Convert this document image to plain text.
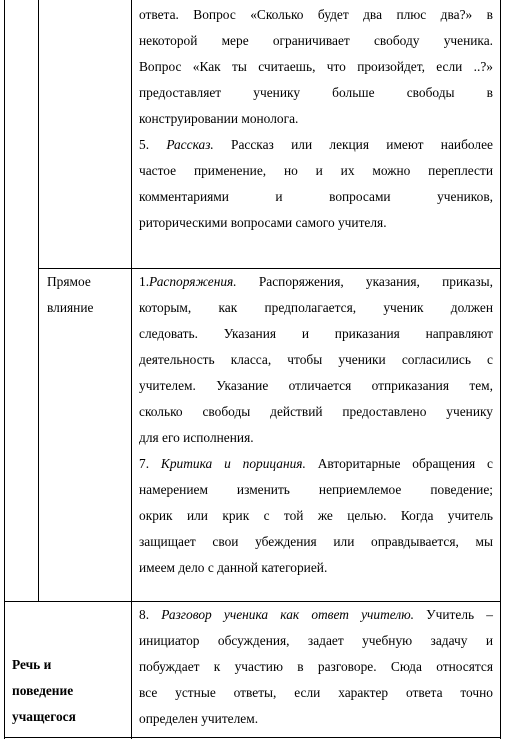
ответа. Вопрос «Сколько будет два плюс два?» в
некоторой мере ограничивает свободу ученика.
Вопрос «Как ты считаешь, что произойдет, если ..?»
предоставляет ученику больше свободы в
конструировании монолога.
5. Рассказ. Рассказ или лекция имеют наиболее
частое применение, но и их можно переплести
комментариями и вопросами учеников,
риторическими вопросами самого учителя.
Прямое
влияние
1.Распоряжения. Распоряжения, указания, приказы,
которым, как предполагается, ученик должен
следовать. Указания и приказания направляют
деятельность класса, чтобы ученики согласились с
учителем. Указание отличается отприказания тем,
сколько свободы действий предоставлено ученику
для его исполнения.
7. Критика и порицания. Авторитарные обращения с
намерением изменить неприемлемое поведение;
окрик или крик с той же целью. Когда учитель
защищает свои убеждения или оправдывается, мы
имеем дело с данной категорией.
Речь и
поведение
учащегося
8. Разговор ученика как ответ учителю. Учитель –
инициатор обсуждения, задает учебную задачу и
побуждает к участию в разговоре. Сюда относятся
все устные ответы, если характер ответа точно
определен учителем.
